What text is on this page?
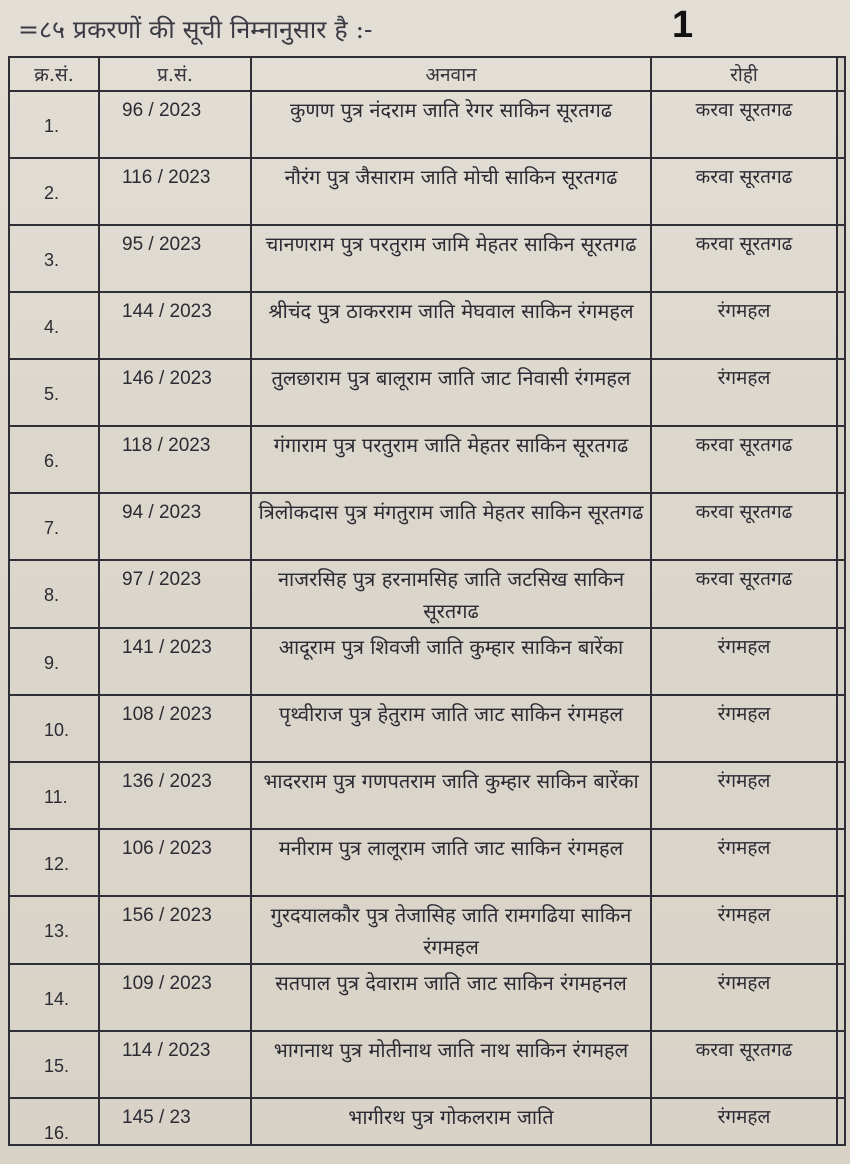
=८५ प्रकरणों की सूची निम्नानुसार है :-	1
क्र.सं.	प्र.सं.	अनवान	रोही	

1.	96 / 2023	कुणण पुत्र नंदराम जाति रेगर साकिन सूरतगढ	करवा सूरतगढ	

2.	116 / 2023	नौरंग पुत्र जैसाराम जाति मोची साकिन सूरतगढ	करवा सूरतगढ	

3.	95 / 2023	चानणराम पुत्र परतुराम जामि मेहतर साकिन सूरतगढ	करवा सूरतगढ	

4.	144 / 2023	श्रीचंद पुत्र ठाकरराम जाति मेघवाल साकिन रंगमहल	रंगमहल	

5.	146 / 2023	तुलछाराम पुत्र बालूराम जाति जाट निवासी रंगमहल	रंगमहल	

6.	118 / 2023	गंगाराम पुत्र परतुराम जाति मेहतर साकिन सूरतगढ	करवा सूरतगढ	

7.	94 / 2023	त्रिलोकदास पुत्र मंगतुराम जाति मेहतर साकिन सूरतगढ	करवा सूरतगढ	

8.	97 / 2023	नाजरसिह पुत्र हरनामसिह जाति जटसिख साकिन सूरतगढ	करवा सूरतगढ	

9.	141 / 2023	आदूराम पुत्र शिवजी जाति कुम्हार साकिन बारेंका	रंगमहल	

10.	108 / 2023	पृथ्वीराज पुत्र हेतुराम जाति जाट साकिन रंगमहल	रंगमहल	

11.	136 / 2023	भादरराम पुत्र गणपतराम जाति कुम्हार साकिन बारेंका	रंगमहल	

12.	106 / 2023	मनीराम पुत्र लालूराम जाति जाट साकिन रंगमहल	रंगमहल	

13.	156 / 2023	गुरदयालकौर पुत्र तेजासिह जाति रामगढिया साकिन रंगमहल	रंगमहल	

14.	109 / 2023	सतपाल पुत्र देवाराम जाति जाट साकिन रंगमहनल	रंगमहल	

15.	114 / 2023	भागनाथ पुत्र मोतीनाथ जाति नाथ साकिन रंगमहल	करवा सूरतगढ	

16.	145 / 23	भागीरथ पुत्र गोकलराम जाति	रंगमहल	
